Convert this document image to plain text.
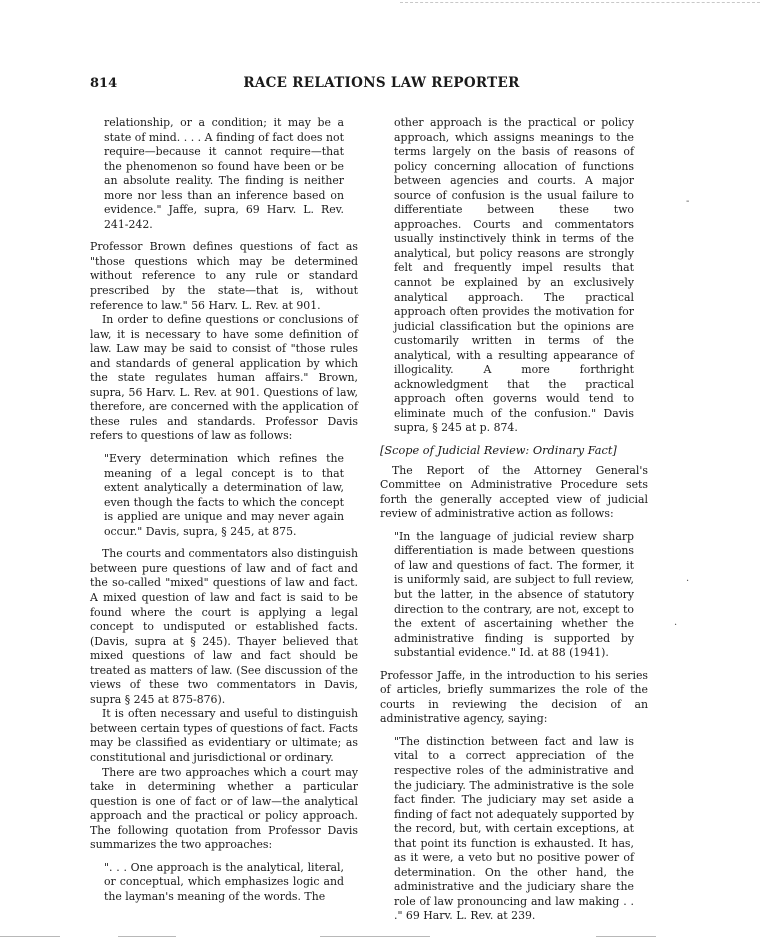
814	RACE RELATIONS LAW REPORTER

relationship, or a condition; it may be a state of mind. . . . A finding of fact does not require—because it cannot require—that the phenomenon so found have been or be an absolute reality. The finding is neither more nor less than an inference based on evidence." Jaffe, supra, 69 Harv. L. Rev. 241-242.

Professor Brown defines questions of fact as "those questions which may be determined without reference to any rule or standard prescribed by the state—that is, without reference to law." 56 Harv. L. Rev. at 901.

In order to define questions or conclusions of law, it is necessary to have some definition of law. Law may be said to consist of "those rules and standards of general application by which the state regulates human affairs." Brown, supra, 56 Harv. L. Rev. at 901. Questions of law, therefore, are concerned with the application of these rules and standards. Professor Davis refers to questions of law as follows:

"Every determination which refines the meaning of a legal concept is to that extent analytically a determination of law, even though the facts to which the concept is applied are unique and may never again occur." Davis, supra, § 245, at 875.

The courts and commentators also distinguish between pure questions of law and of fact and the so-called "mixed" questions of law and fact. A mixed question of law and fact is said to be found where the court is applying a legal concept to undisputed or established facts. (Davis, supra at § 245). Thayer believed that mixed questions of law and fact should be treated as matters of law. (See discussion of the views of these two commentators in Davis, supra § 245 at 875-876).

It is often necessary and useful to distinguish between certain types of questions of fact. Facts may be classified as evidentiary or ultimate; as constitutional and jurisdictional or ordinary.

There are two approaches which a court may take in determining whether a particular question is one of fact or of law—the analytical approach and the practical or policy approach. The following quotation from Professor Davis summarizes the two approaches:

". . . One approach is the analytical, literal, or conceptual, which emphasizes logic and the layman's meaning of the words. The

other approach is the practical or policy approach, which assigns meanings to the terms largely on the basis of reasons of policy concerning allocation of functions between agencies and courts. A major source of confusion is the usual failure to differentiate between these two approaches. Courts and commentators usually instinctively think in terms of the analytical, but policy reasons are strongly felt and frequently impel results that cannot be explained by an exclusively analytical approach. The practical approach often provides the motivation for judicial classification but the opinions are customarily written in terms of the analytical, with a resulting appearance of illogicality. A more forthright acknowledgment that the practical approach often governs would tend to eliminate much of the confusion." Davis supra, § 245 at p. 874.

[Scope of Judicial Review: Ordinary Fact]

The Report of the Attorney General's Committee on Administrative Procedure sets forth the generally accepted view of judicial review of administrative action as follows:

"In the language of judicial review sharp differentiation is made between questions of law and questions of fact. The former, it is uniformly said, are subject to full review, but the latter, in the absence of statutory direction to the contrary, are not, except to the extent of ascertaining whether the administrative finding is supported by substantial evidence." Id. at 88 (1941).

Professor Jaffe, in the introduction to his series of articles, briefly summarizes the role of the courts in reviewing the decision of an administrative agency, saying:

"The distinction between fact and law is vital to a correct appreciation of the respective roles of the administrative and the judiciary. The administrative is the sole fact finder. The judiciary may set aside a finding of fact not adequately supported by the record, but, with certain exceptions, at that point its function is exhausted. It has, as it were, a veto but no positive power of determination. On the other hand, the administrative and the judiciary share the role of law pronouncing and law making . . ." 69 Harv. L. Rev. at 239.

-
·
·
